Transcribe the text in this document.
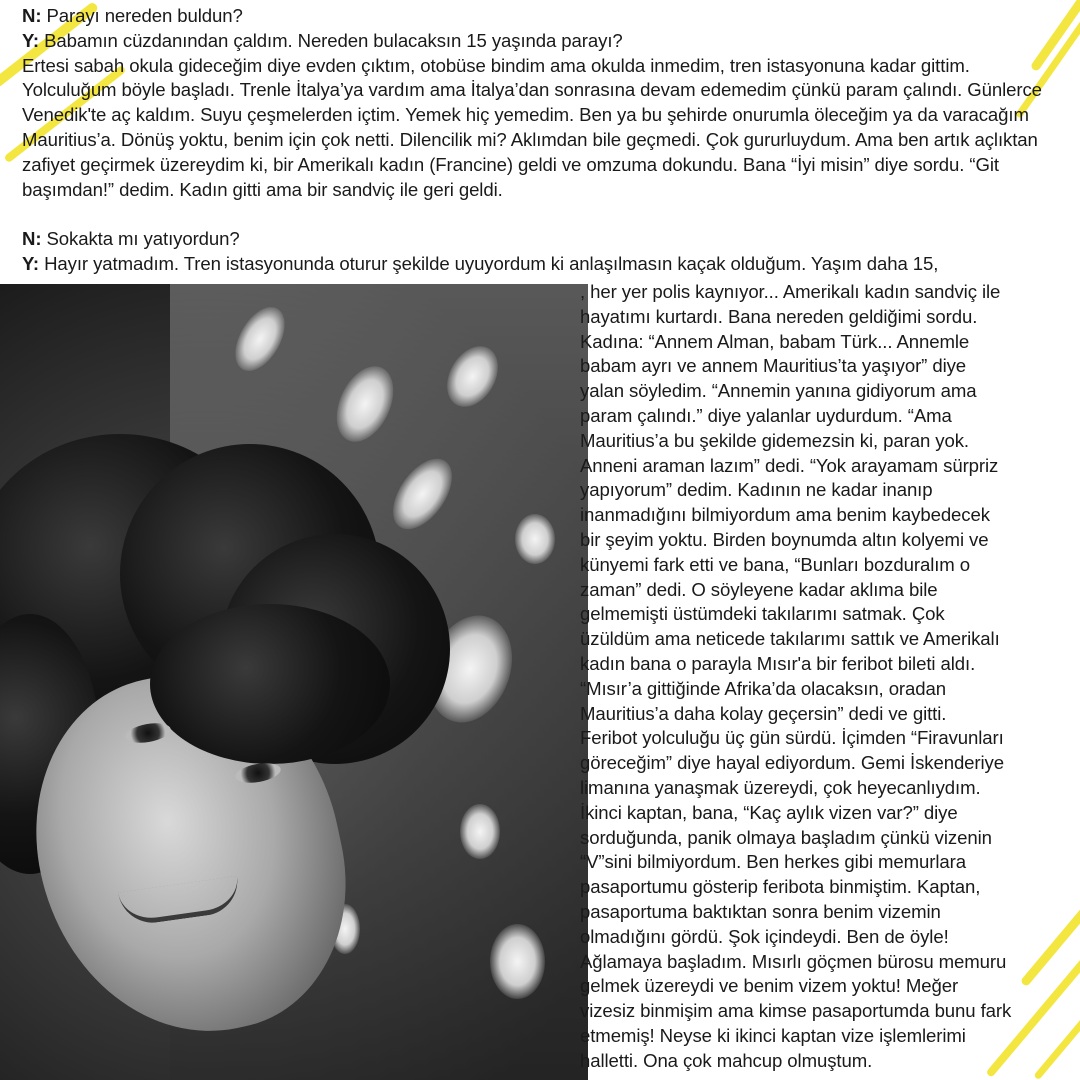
N: Parayı nereden buldun?

Y: Babamın cüzdanından çaldım. Nereden bulacaksın 15 yaşında parayı?

Ertesi sabah okula gideceğim diye evden çıktım, otobüse bindim ama okulda inmedim, tren istasyonuna kadar gittim. Yolculuğum böyle başladı. Trenle İtalya’ya vardım ama İtalya’dan sonrasına devam edemedim çünkü param çalındı. Günlerce Venedik'te aç kaldım. Suyu çeşmelerden içtim. Yemek hiç yemedim. Ben ya bu şehirde onurumla öleceğim ya da varacağım Mauritius’a. Dönüş yoktu, benim için çok netti. Dilencilik mi? Aklımdan bile geçmedi. Çok gururluydum. Ama ben artık açlıktan zafiyet geçirmek üzereydim ki, bir Amerikalı kadın (Francine) geldi ve omzuma dokundu. Bana “İyi misin” diye sordu. “Git başımdan!” dedim. Kadın gitti ama bir sandviç ile geri geldi.

N: Sokakta mı yatıyordun?

Y: Hayır yatmadım. Tren istasyonunda oturur şekilde uyuyordum ki anlaşılmasın kaçak olduğum. Yaşım daha 15,

, her yer polis kaynıyor... Amerikalı kadın sandviç ile
hayatımı kurtardı. Bana nereden geldiğimi sordu.
Kadına: “Annem Alman, babam Türk... Annemle
babam ayrı ve annem Mauritius’ta yaşıyor” diye
yalan söyledim. “Annemin yanına gidiyorum ama
param çalındı.” diye yalanlar uydurdum. “Ama
Mauritius’a bu şekilde gidemezsin ki, paran yok.
Anneni araman lazım” dedi. “Yok arayamam sürpriz
yapıyorum” dedim. Kadının ne kadar inanıp
inanmadığını bilmiyordum ama benim kaybedecek
bir şeyim yoktu. Birden boynumda altın kolyemi ve
künyemi fark etti ve bana, “Bunları bozduralım o
zaman” dedi. O söyleyene kadar aklıma bile
gelmemişti üstümdeki takılarımı satmak. Çok
üzüldüm ama neticede takılarımı sattık ve Amerikalı
kadın bana o parayla Mısır'a bir feribot bileti aldı.
“Mısır’a gittiğinde Afrika’da olacaksın, oradan
Mauritius’a daha kolay geçersin” dedi ve gitti.
Feribot yolculuğu üç gün sürdü. İçimden “Firavunları
göreceğim” diye hayal ediyordum. Gemi İskenderiye
limanına yanaşmak üzereydi, çok heyecanlıydım.
İkinci kaptan, bana, “Kaç aylık vizen var?” diye
sorduğunda, panik olmaya başladım çünkü vizenin
“V”sini bilmiyordum. Ben herkes gibi memurlara
pasaportumu gösterip feribota binmiştim. Kaptan,
pasaportuma baktıktan sonra benim vizemin
olmadığını gördü. Şok içindeydi. Ben de öyle!
Ağlamaya başladım. Mısırlı göçmen bürosu memuru
gelmek üzereydi ve benim vizem yoktu! Meğer
vizesiz binmişim ama kimse pasaportumda bunu fark
etmemiş! Neyse ki ikinci kaptan vize işlemlerimi
halletti. Ona çok mahcup olmuştum.
